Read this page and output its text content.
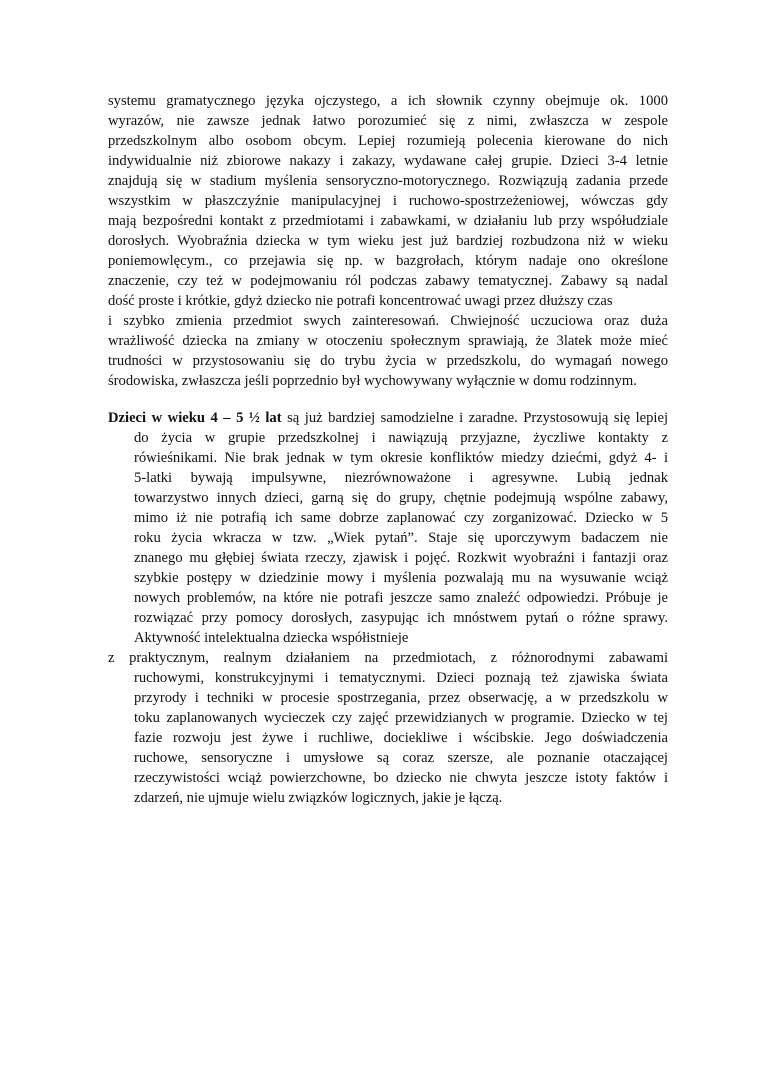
systemu gramatycznego języka ojczystego, a ich słownik czynny obejmuje ok. 1000
wyrazów, nie zawsze jednak łatwo porozumieć się z nimi, zwłaszcza w zespole
przedszkolnym albo osobom obcym. Lepiej rozumieją polecenia kierowane do nich
indywidualnie niż zbiorowe nakazy i zakazy, wydawane całej grupie. Dzieci 3-4 letnie
znajdują się w stadium myślenia sensoryczno-motorycznego. Rozwiązują zadania przede
wszystkim w płaszczyźnie manipulacyjnej i ruchowo-spostrzeżeniowej, wówczas gdy
mają bezpośredni kontakt z przedmiotami i zabawkami, w działaniu lub przy współudziale
dorosłych. Wyobraźnia dziecka w tym wieku jest już bardziej rozbudzona niż w wieku
poniemowlęcym., co przejawia się np. w bazgrołach, którym nadaje ono określone
znaczenie, czy też w podejmowaniu ról podczas zabawy tematycznej. Zabawy są nadal
dość proste i krótkie, gdyż dziecko nie potrafi koncentrować uwagi przez dłuższy czas
i szybko zmienia przedmiot swych zainteresowań. Chwiejność uczuciowa oraz duża
wrażliwość dziecka na zmiany w otoczeniu społecznym sprawiają, że 3latek może mieć
trudności w przystosowaniu się do trybu życia w przedszkolu, do wymagań nowego
środowiska, zwłaszcza jeśli poprzednio był wychowywany wyłącznie w domu rodzinnym.
Dzieci w wieku 4 – 5 ½ lat są już bardziej samodzielne i zaradne. Przystosowują się lepiej
do życia w grupie przedszkolnej i nawiązują przyjazne, życzliwe kontakty z
rówieśnikami. Nie brak jednak w tym okresie konfliktów miedzy dziećmi, gdyż 4- i
5-latki bywają impulsywne, niezrównoważone i agresywne. Lubią jednak
towarzystwo innych dzieci, garną się do grupy, chętnie podejmują wspólne zabawy,
mimo iż nie potrafią ich same dobrze zaplanować czy zorganizować. Dziecko w 5
roku życia wkracza w tzw. „Wiek pytań”. Staje się uporczywym badaczem nie
znanego mu głębiej świata rzeczy, zjawisk i pojęć. Rozkwit wyobraźni i fantazji oraz
szybkie postępy w dziedzinie mowy i myślenia pozwalają mu na wysuwanie wciąż
nowych problemów, na które nie potrafi jeszcze samo znaleźć odpowiedzi. Próbuje je
rozwiązać przy pomocy dorosłych, zasypując ich mnóstwem pytań o różne sprawy.
Aktywność intelektualna dziecka współistnieje
z praktycznym, realnym działaniem na przedmiotach, z różnorodnymi zabawami
ruchowymi, konstrukcyjnymi i tematycznymi. Dzieci poznają też zjawiska świata
przyrody i techniki w procesie spostrzegania, przez obserwację, a w przedszkolu w
toku zaplanowanych wycieczek czy zajęć przewidzianych w programie. Dziecko w tej
fazie rozwoju jest żywe i ruchliwe, dociekliwe i wścibskie. Jego doświadczenia
ruchowe, sensoryczne i umysłowe są coraz szersze, ale poznanie otaczającej
rzeczywistości wciąż powierzchowne, bo dziecko nie chwyta jeszcze istoty faktów i
zdarzeń, nie ujmuje wielu związków logicznych, jakie je łączą.
